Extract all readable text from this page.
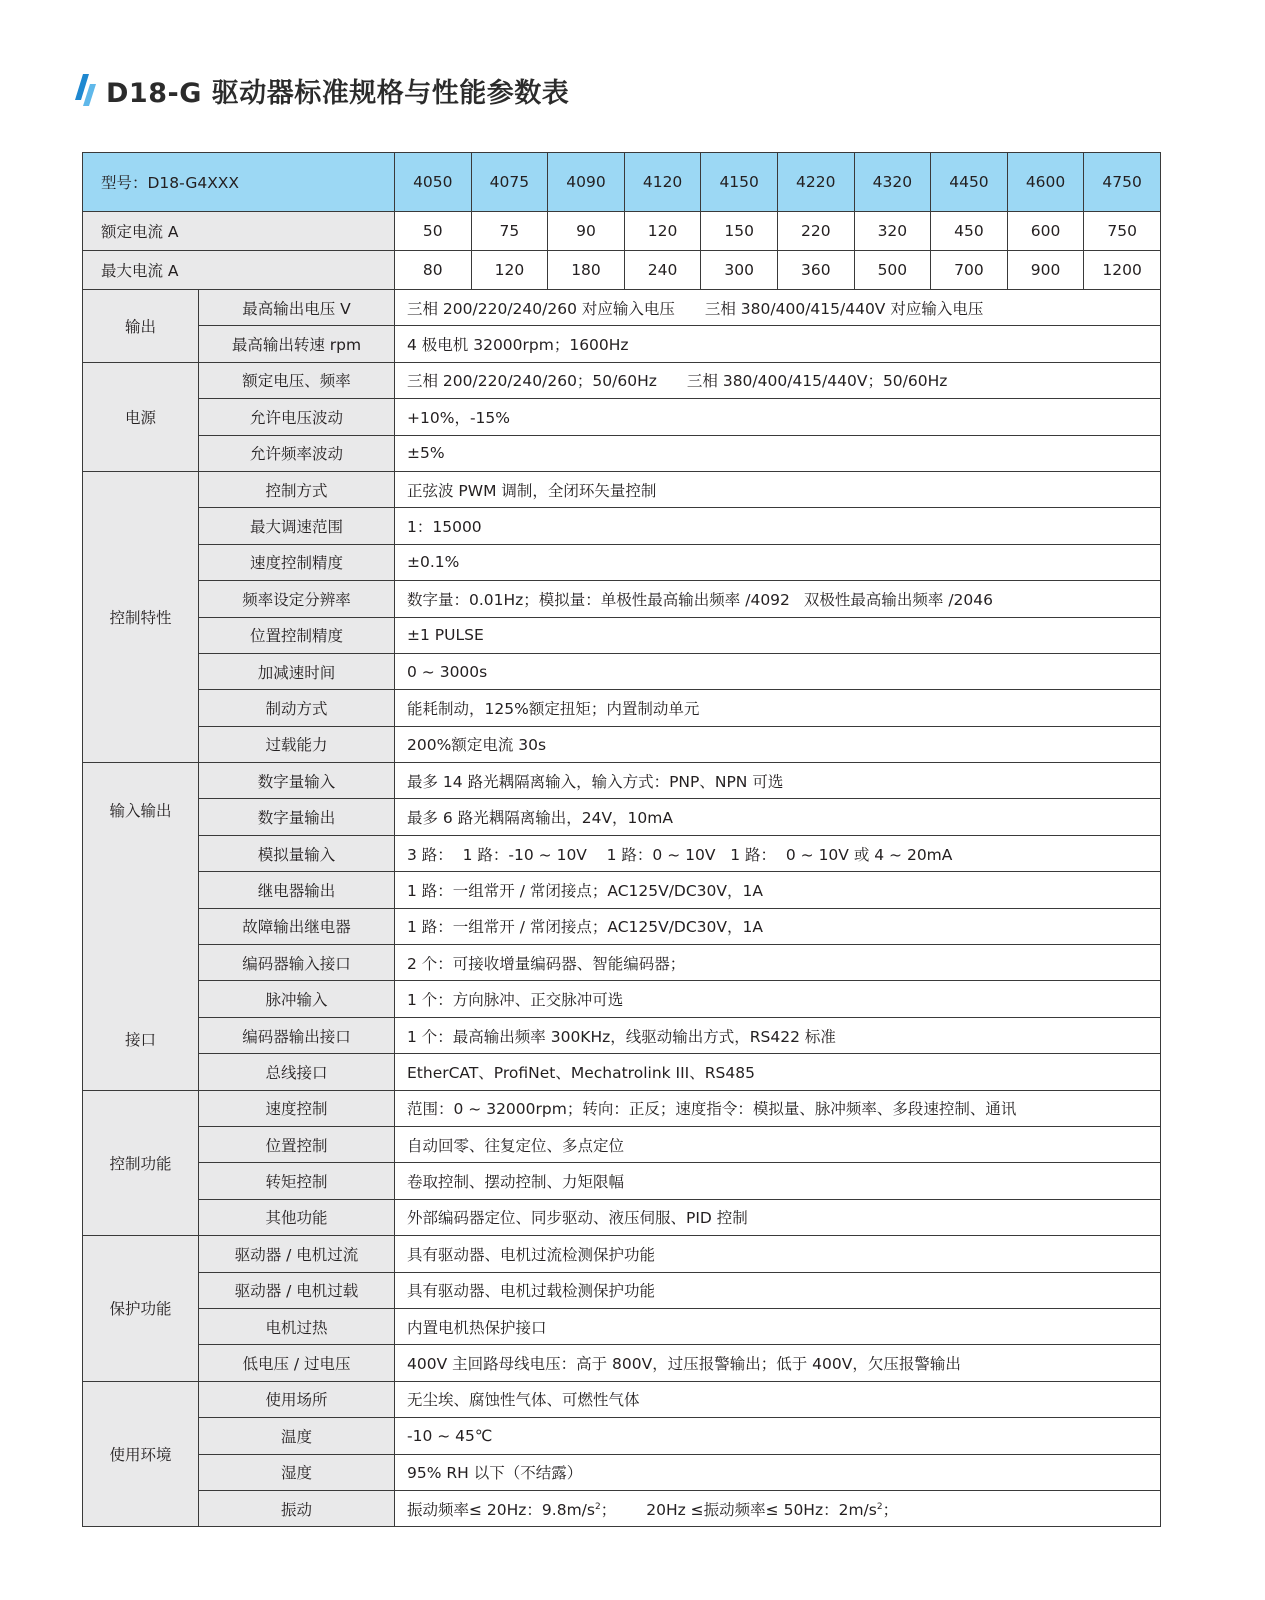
D18-G 驱动器标准规格与性能参数表
型号：D18-G4XXX		4050	4075	4090	4120	4150	4220	4320	4450	4600	4750
额定电流 A		50	75	90	120	150	220	320	450	600	750
最大电流 A		80	120	180	240	300	360	500	700	900	1200
输出	最高输出电压 V	三相 200/220/240/260 对应输入电压 三相 380/400/415/440V 对应输入电压									
	最高输出转速 rpm	4 极电机 32000rpm；1600Hz									
电源	额定电压、频率	三相 200/220/240/260；50/60Hz 三相 380/400/415/440V；50/60Hz									
	允许电压波动	+10%，-15%									
	允许频率波动	±5%									
控制特性	控制方式	正弦波 PWM 调制，全闭环矢量控制									
	最大调速范围	1：15000									
	速度控制精度	±0.1%									
	频率设定分辨率	数字量：0.01Hz；模拟量：单极性最高输出频率 /4092 双极性最高输出频率 /2046									
	位置控制精度	±1 PULSE									
	加减速时间	0 ~ 3000s									
	制动方式	能耗制动，125%额定扭矩；内置制动单元									
	过载能力	200%额定电流 30s									

输入输出
接口	数字量输入	最多 14 路光耦隔离输入，输入方式：PNP、NPN 可选									
	数字量输出	最多 6 路光耦隔离输出，24V，10mA									
	模拟量输入	3 路：  1 路：-10 ~ 10V    1 路：0 ~ 10V   1 路：  0 ~ 10V 或 4 ~ 20mA									
	继电器输出	1 路：一组常开 / 常闭接点；AC125V/DC30V，1A									
	故障输出继电器	1 路：一组常开 / 常闭接点；AC125V/DC30V，1A									
	编码器输入接口	2 个：可接收增量编码器、智能编码器；									
	脉冲输入	1 个：方向脉冲、正交脉冲可选									
	编码器输出接口	1 个：最高输出频率 300KHz，线驱动输出方式，RS422 标准									
	总线接口	EtherCAT、ProfiNet、Mechatrolink III、RS485									
控制功能	速度控制	范围：0 ~ 32000rpm；转向：正反；速度指令：模拟量、脉冲频率、多段速控制、通讯									
	位置控制	自动回零、往复定位、多点定位									
	转矩控制	卷取控制、摆动控制、力矩限幅									
	其他功能	外部编码器定位、同步驱动、液压伺服、PID 控制									
保护功能	驱动器 / 电机过流	具有驱动器、电机过流检测保护功能									
	驱动器 / 电机过载	具有驱动器、电机过载检测保护功能									
	电机过热	内置电机热保护接口									
	低电压 / 过电压	400V 主回路母线电压：高于 800V，过压报警输出；低于 400V，欠压报警输出									
使用环境	使用场所	无尘埃、腐蚀性气体、可燃性气体									
	温度	-10 ~ 45℃									
	湿度	95% RH 以下（不结露）									
	振动	振动频率≤ 20Hz：$9.8m/s^2$； 20Hz ≤振动频率≤ 50Hz：$2m/s^2$；									
